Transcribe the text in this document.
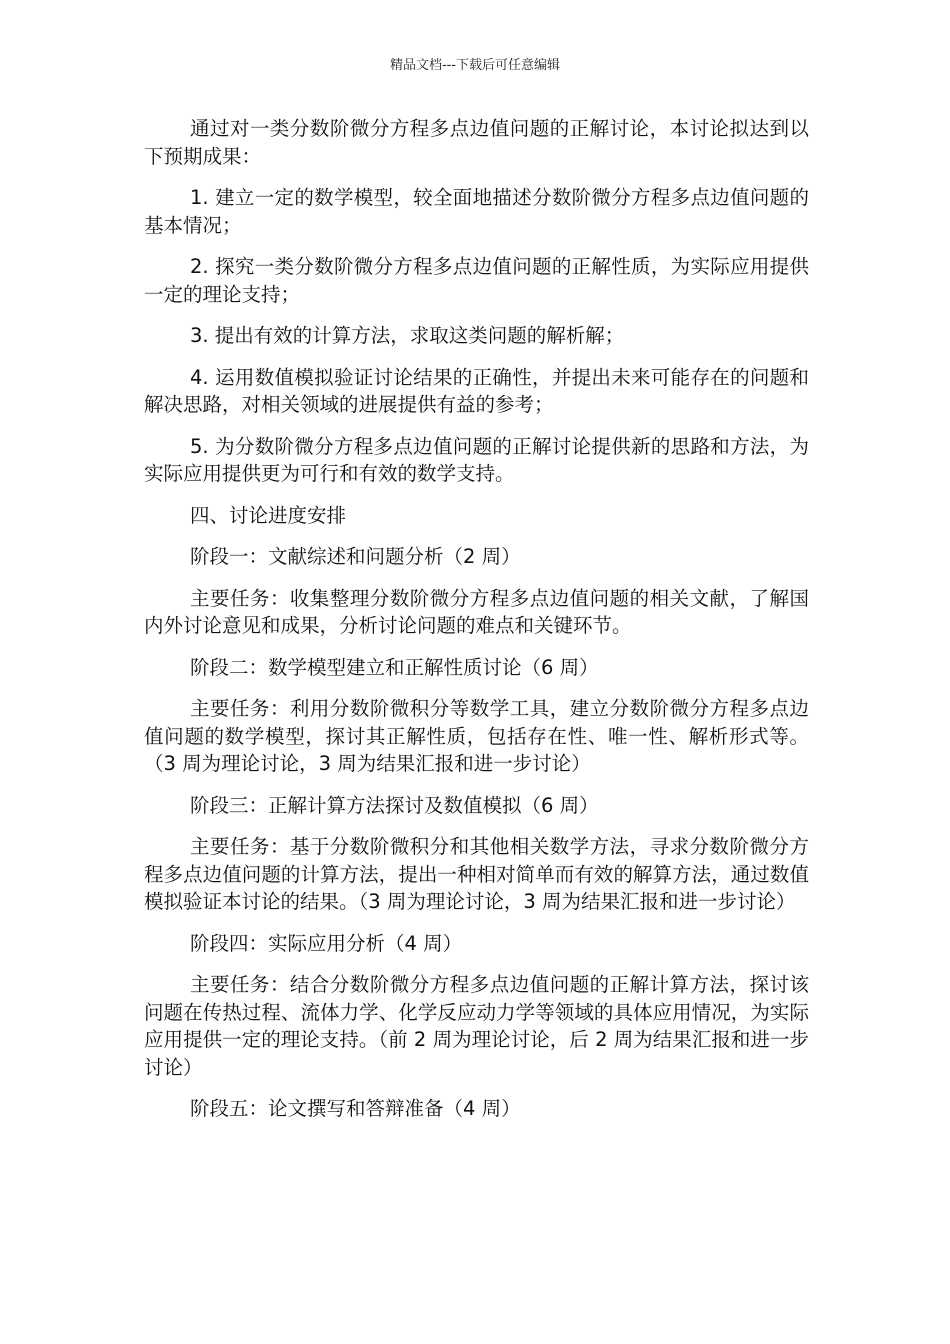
精品文档---下载后可任意编辑

通过对一类分数阶微分方程多点边值问题的正解讨论，本讨论拟达到以下预期成果：

1. 建立一定的数学模型，较全面地描述分数阶微分方程多点边值问题的基本情况；

2. 探究一类分数阶微分方程多点边值问题的正解性质，为实际应用提供一定的理论支持；

3. 提出有效的计算方法，求取这类问题的解析解；

4. 运用数值模拟验证讨论结果的正确性，并提出未来可能存在的问题和解决思路，对相关领域的进展提供有益的参考；

5. 为分数阶微分方程多点边值问题的正解讨论提供新的思路和方法，为实际应用提供更为可行和有效的数学支持。

四、讨论进度安排

阶段一：文献综述和问题分析（2 周）

主要任务：收集整理分数阶微分方程多点边值问题的相关文献，了解国内外讨论意见和成果，分析讨论问题的难点和关键环节。

阶段二：数学模型建立和正解性质讨论（6 周）

主要任务：利用分数阶微积分等数学工具，建立分数阶微分方程多点边值问题的数学模型，探讨其正解性质，包括存在性、唯一性、解析形式等。（3 周为理论讨论，3 周为结果汇报和进一步讨论）

阶段三：正解计算方法探讨及数值模拟（6 周）

主要任务：基于分数阶微积分和其他相关数学方法，寻求分数阶微分方程多点边值问题的计算方法，提出一种相对简单而有效的解算方法，通过数值模拟验证本讨论的结果。（3 周为理论讨论，3 周为结果汇报和进一步讨论）

阶段四：实际应用分析（4 周）

主要任务：结合分数阶微分方程多点边值问题的正解计算方法，探讨该问题在传热过程、流体力学、化学反应动力学等领域的具体应用情况，为实际应用提供一定的理论支持。（前 2 周为理论讨论，后 2 周为结果汇报和进一步讨论）

阶段五：论文撰写和答辩准备（4 周）
